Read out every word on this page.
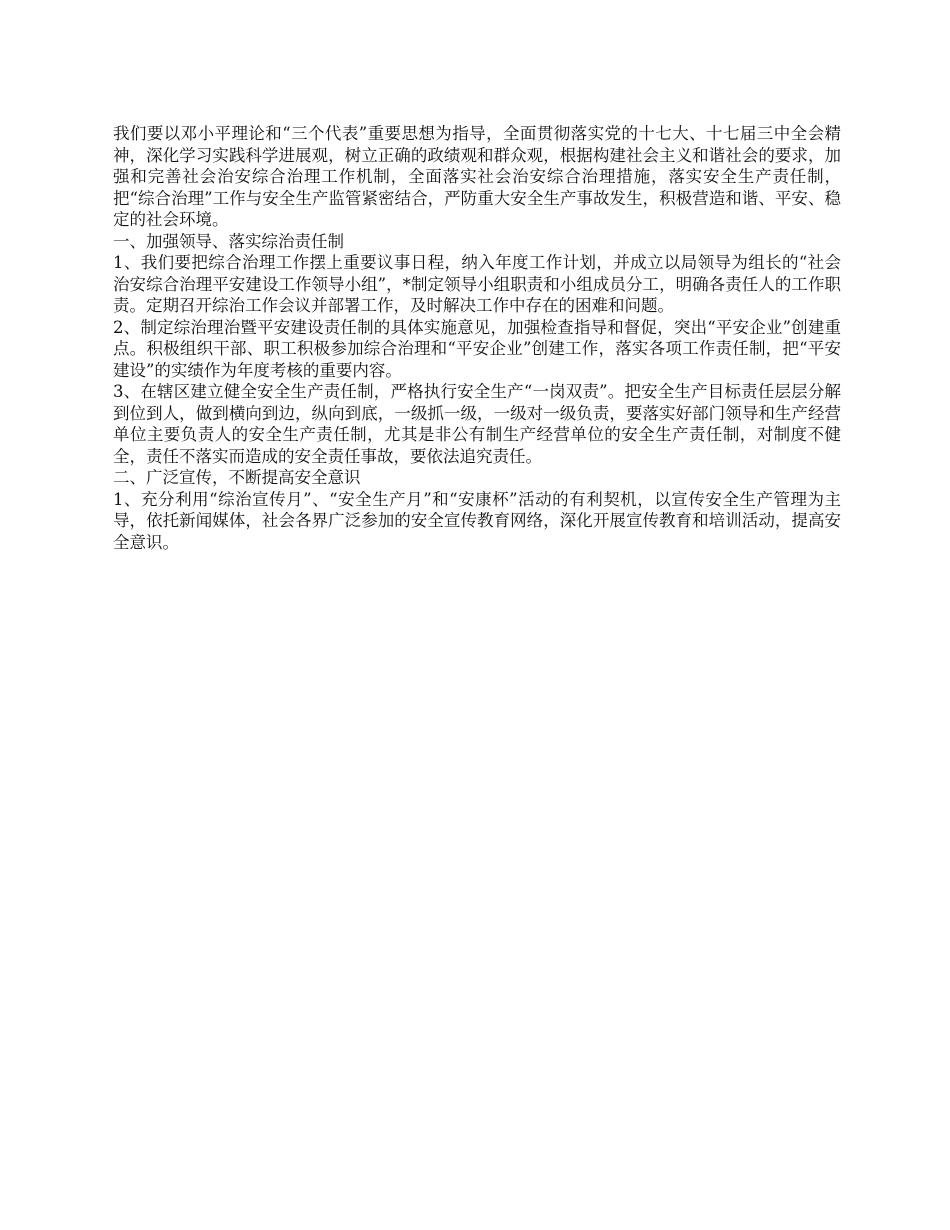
我们要以邓小平理论和“三个代表”重要思想为指导，全面贯彻落实党的十七大、十七届三中全会精神，深化学习实践科学进展观，树立正确的政绩观和群众观，根据构建社会主义和谐社会的要求，加强和完善社会治安综合治理工作机制，全面落实社会治安综合治理措施，落实安全生产责任制，把“综合治理”工作与安全生产监管紧密结合，严防重大安全生产事故发生，积极营造和谐、平安、稳定的社会环境。

一、加强领导、落实综治责任制

1、我们要把综合治理工作摆上重要议事日程，纳入年度工作计划，并成立以局领导为组长的“社会治安综合治理平安建设工作领导小组”，*制定领导小组职责和小组成员分工，明确各责任人的工作职责。定期召开综治工作会议并部署工作，及时解决工作中存在的困难和问题。

2、制定综治理治暨平安建设责任制的具体实施意见，加强检查指导和督促，突出“平安企业”创建重点。积极组织干部、职工积极参加综合治理和“平安企业”创建工作，落实各项工作责任制，把“平安建设”的实绩作为年度考核的重要内容。

3、在辖区建立健全安全生产责任制，严格执行安全生产“一岗双责”。把安全生产目标责任层层分解到位到人，做到横向到边，纵向到底，一级抓一级，一级对一级负责，要落实好部门领导和生产经营单位主要负责人的安全生产责任制，尤其是非公有制生产经营单位的安全生产责任制，对制度不健全，责任不落实而造成的安全责任事故，要依法追究责任。

二、广泛宣传，不断提高安全意识

1、充分利用“综治宣传月”、“安全生产月”和“安康杯”活动的有利契机，以宣传安全生产管理为主导，依托新闻媒体，社会各界广泛参加的安全宣传教育网络，深化开展宣传教育和培训活动，提高安全意识。
